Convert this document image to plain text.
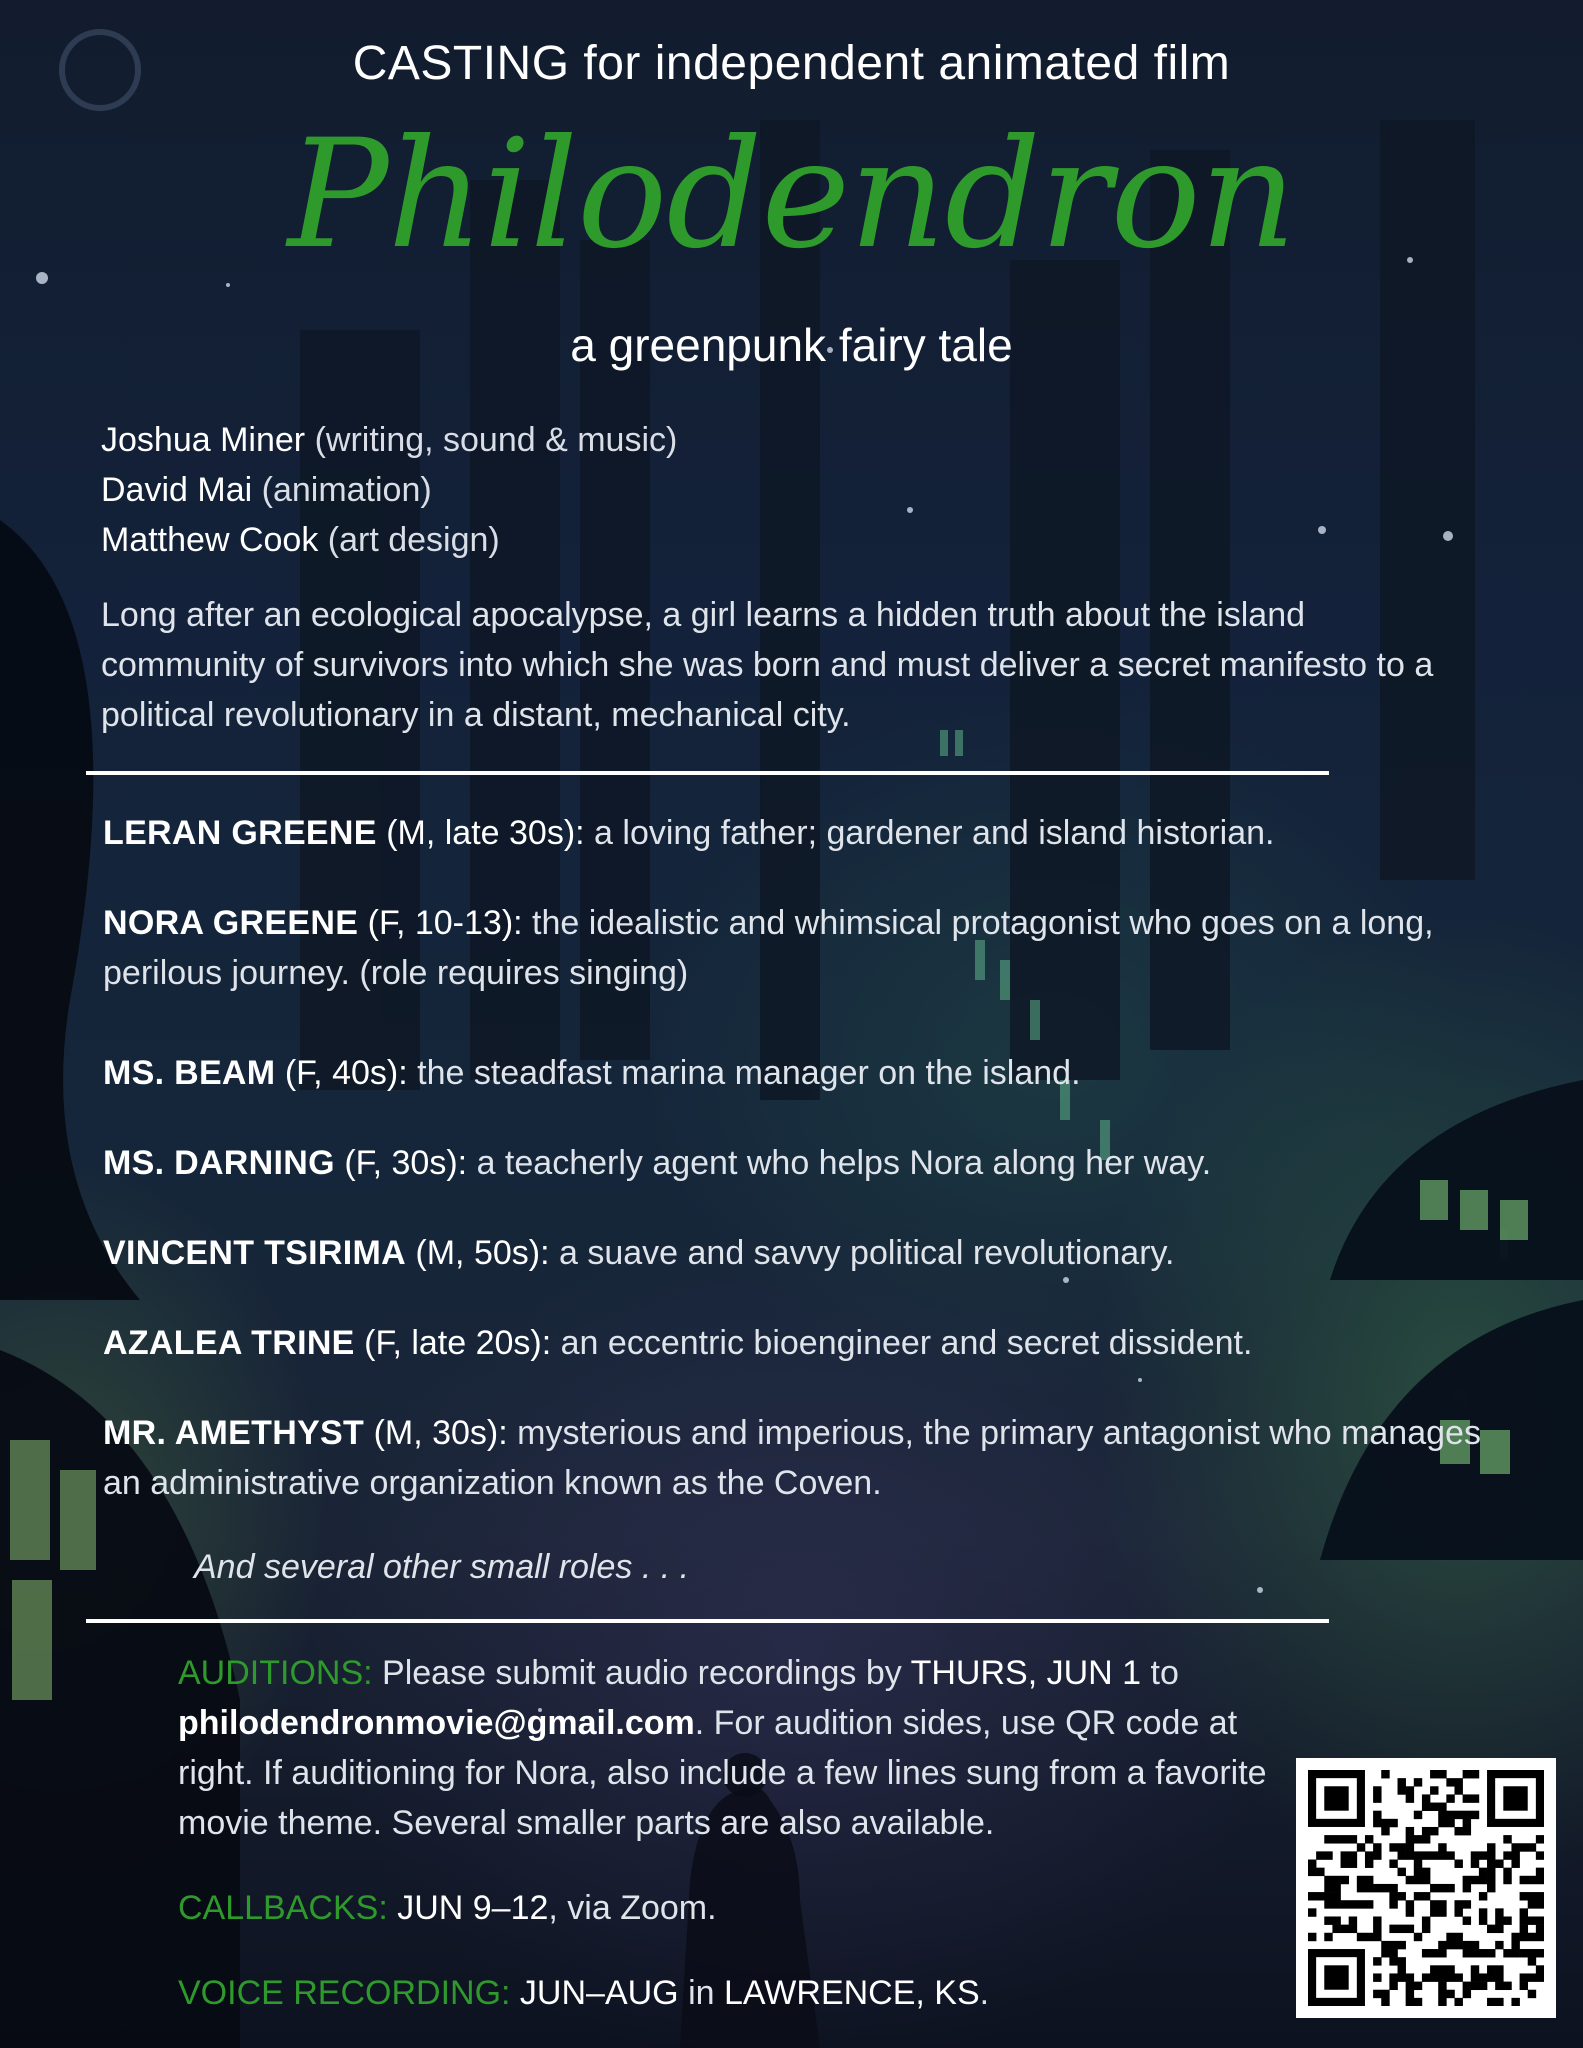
CASTING for independent animated film
Philodendron
a greenpunk fairy tale
Joshua Miner (writing, sound & music)
David Mai (animation)
Matthew Cook (art design)
Long after an ecological apocalypse, a girl learns a hidden truth about the island community of survivors into which she was born and must deliver a secret manifesto to a political revolutionary in a distant, mechanical city.

LERAN GREENE (M, late 30s): a loving father; gardener and island historian.

NORA GREENE (F, 10-13): the idealistic and whimsical protagonist who goes on a long, perilous journey. (role requires singing)

MS. BEAM (F, 40s): the steadfast marina manager on the island.

MS. DARNING (F, 30s): a teacherly agent who helps Nora along her way.

VINCENT TSIRIMA (M, 50s): a suave and savvy political revolutionary.

AZALEA TRINE (F, late 20s): an eccentric bioengineer and secret dissident.

MR. AMETHYST (M, 30s): mysterious and imperious, the primary antagonist who manages an administrative organization known as the Coven.

And several other small roles . . .
AUDITIONS: Please submit audio recordings by THURS, JUN 1 to philodendronmovie@gmail.com. For audition sides, use QR code at right. If auditioning for Nora, also include a few lines sung from a favorite movie theme. Several smaller parts are also available.
CALLBACKS: JUN 9–12, via Zoom.
VOICE RECORDING: JUN–AUG in LAWRENCE, KS.
